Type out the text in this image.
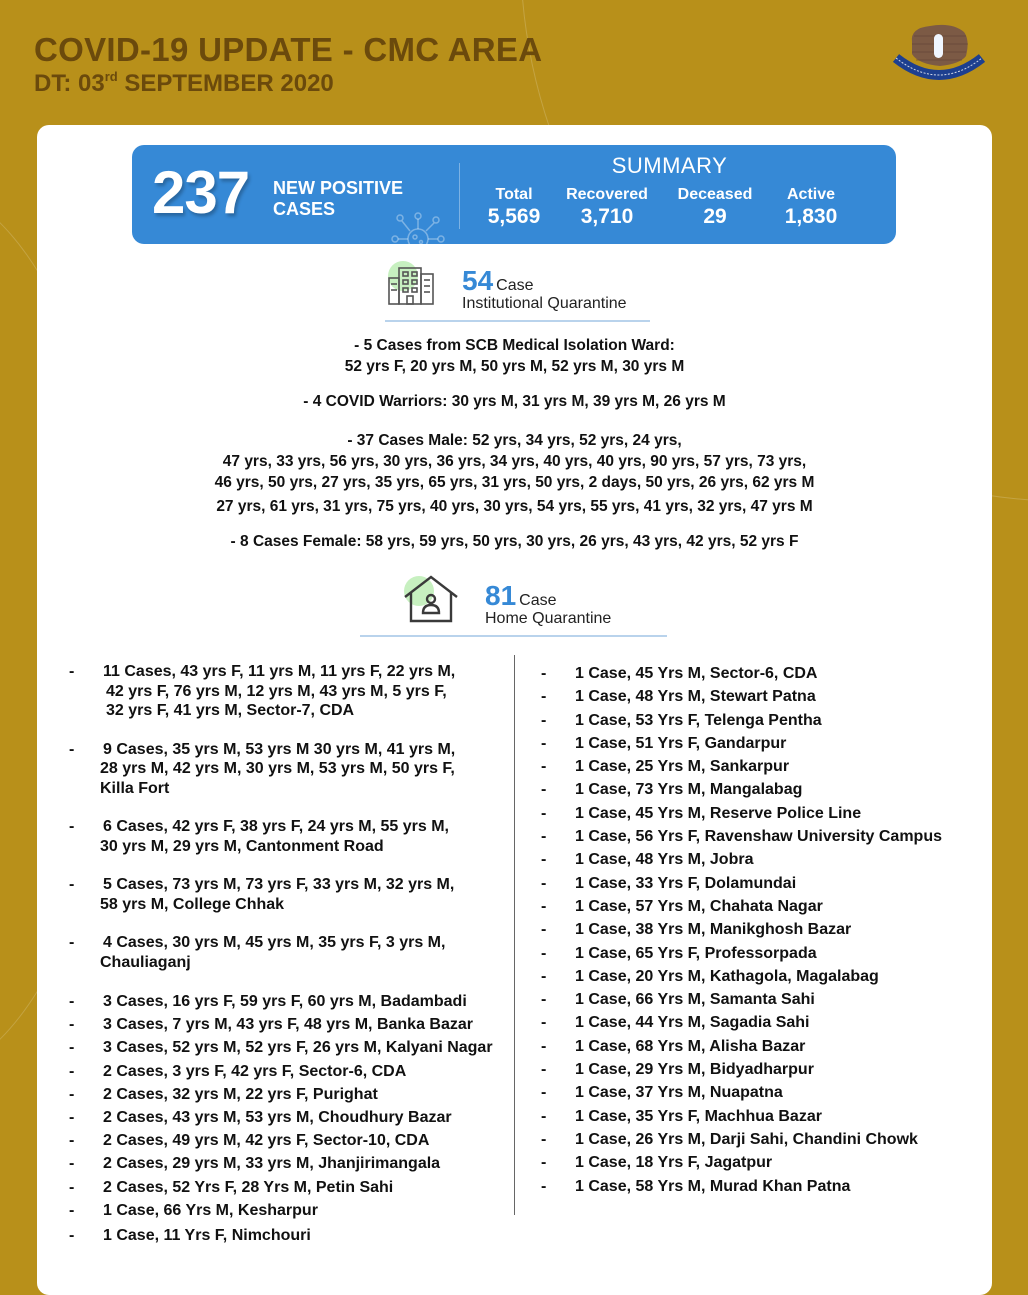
COVID-19 UPDATE - CMC AREA

DT: 03rd SEPTEMBER 2020

237 NEW POSITIVE
CASES
SUMMARY
Total
5,569
Recovered
3,710
Deceased
29
Active
1,830
54 Case
Institutional Quarantine
- 5 Cases from SCB Medical Isolation Ward:
52 yrs F, 20 yrs M, 50 yrs M, 52 yrs M, 30 yrs M
- 4 COVID Warriors: 30 yrs M, 31 yrs M, 39 yrs M, 26 yrs M
- 37 Cases Male: 52 yrs, 34 yrs, 52 yrs, 24 yrs,
47 yrs, 33 yrs, 56 yrs, 30 yrs, 36 yrs, 34 yrs, 40 yrs, 40 yrs, 90 yrs, 57 yrs, 73 yrs,
46 yrs, 50 yrs, 27 yrs, 35 yrs, 65 yrs, 31 yrs, 50 yrs, 2 days, 50 yrs, 26 yrs, 62 yrs M
27 yrs, 61 yrs, 31 yrs, 75 yrs, 40 yrs, 30 yrs, 54 yrs, 55 yrs, 41 yrs, 32 yrs, 47 yrs M
- 8 Cases Female: 58 yrs, 59 yrs, 50 yrs, 30 yrs, 26 yrs, 43 yrs, 42 yrs, 52 yrs F
81 Case
Home Quarantine
- 11 Cases, 43 yrs F, 11 yrs M, 11 yrs F, 22 yrs M,
42 yrs F, 76 yrs M, 12 yrs M, 43 yrs M, 5 yrs F,
32 yrs F, 41 yrs M, Sector-7, CDA
- 9 Cases, 35 yrs M, 53 yrs M 30 yrs M, 41 yrs M,
28 yrs M, 42 yrs M, 30 yrs M, 53 yrs M, 50 yrs F,
Killa Fort
- 6 Cases, 42 yrs F, 38 yrs F, 24 yrs M, 55 yrs M,
30 yrs M, 29 yrs M, Cantonment Road
- 5 Cases, 73 yrs M, 73 yrs F, 33 yrs M, 32 yrs M,
58 yrs M, College Chhak
- 4 Cases, 30 yrs M, 45 yrs M, 35 yrs F, 3 yrs M,
Chauliaganj
- 3 Cases, 16 yrs F, 59 yrs F, 60 yrs M, Badambadi
- 3 Cases, 7 yrs M, 43 yrs F, 48 yrs M, Banka Bazar
- 3 Cases, 52 yrs M, 52 yrs F, 26 yrs M, Kalyani Nagar
- 2 Cases, 3 yrs F, 42 yrs F, Sector-6, CDA
- 2 Cases, 32 yrs M, 22 yrs F, Purighat
- 2 Cases, 43 yrs M, 53 yrs M, Choudhury Bazar
- 2 Cases, 49 yrs M, 42 yrs F, Sector-10, CDA
- 2 Cases, 29 yrs M, 33 yrs M, Jhanjirimangala
- 2 Cases, 52 Yrs F, 28 Yrs M, Petin Sahi
- 1 Case, 66 Yrs M, Kesharpur
- 1 Case, 11 Yrs F, Nimchouri
- 1 Case, 45 Yrs M, Sector-6, CDA
- 1 Case, 48 Yrs M, Stewart Patna
- 1 Case, 53 Yrs F, Telenga Pentha
- 1 Case, 51 Yrs F, Gandarpur
- 1 Case, 25 Yrs M, Sankarpur
- 1 Case, 73 Yrs M, Mangalabag
- 1 Case, 45 Yrs M, Reserve Police Line
- 1 Case, 56 Yrs F, Ravenshaw University Campus
- 1 Case, 48 Yrs M, Jobra
- 1 Case, 33 Yrs F, Dolamundai
- 1 Case, 57 Yrs M, Chahata Nagar
- 1 Case, 38 Yrs M, Manikghosh Bazar
- 1 Case, 65 Yrs F, Professorpada
- 1 Case, 20 Yrs M, Kathagola, Magalabag
- 1 Case, 66 Yrs M, Samanta Sahi
- 1 Case, 44 Yrs M, Sagadia Sahi
- 1 Case, 68 Yrs M, Alisha Bazar
- 1 Case, 29 Yrs M, Bidyadharpur
- 1 Case, 37 Yrs M, Nuapatna
- 1 Case, 35 Yrs F, Machhua Bazar
- 1 Case, 26 Yrs M, Darji Sahi, Chandini Chowk
- 1 Case, 18 Yrs F, Jagatpur
- 1 Case, 58 Yrs M, Murad Khan Patna
